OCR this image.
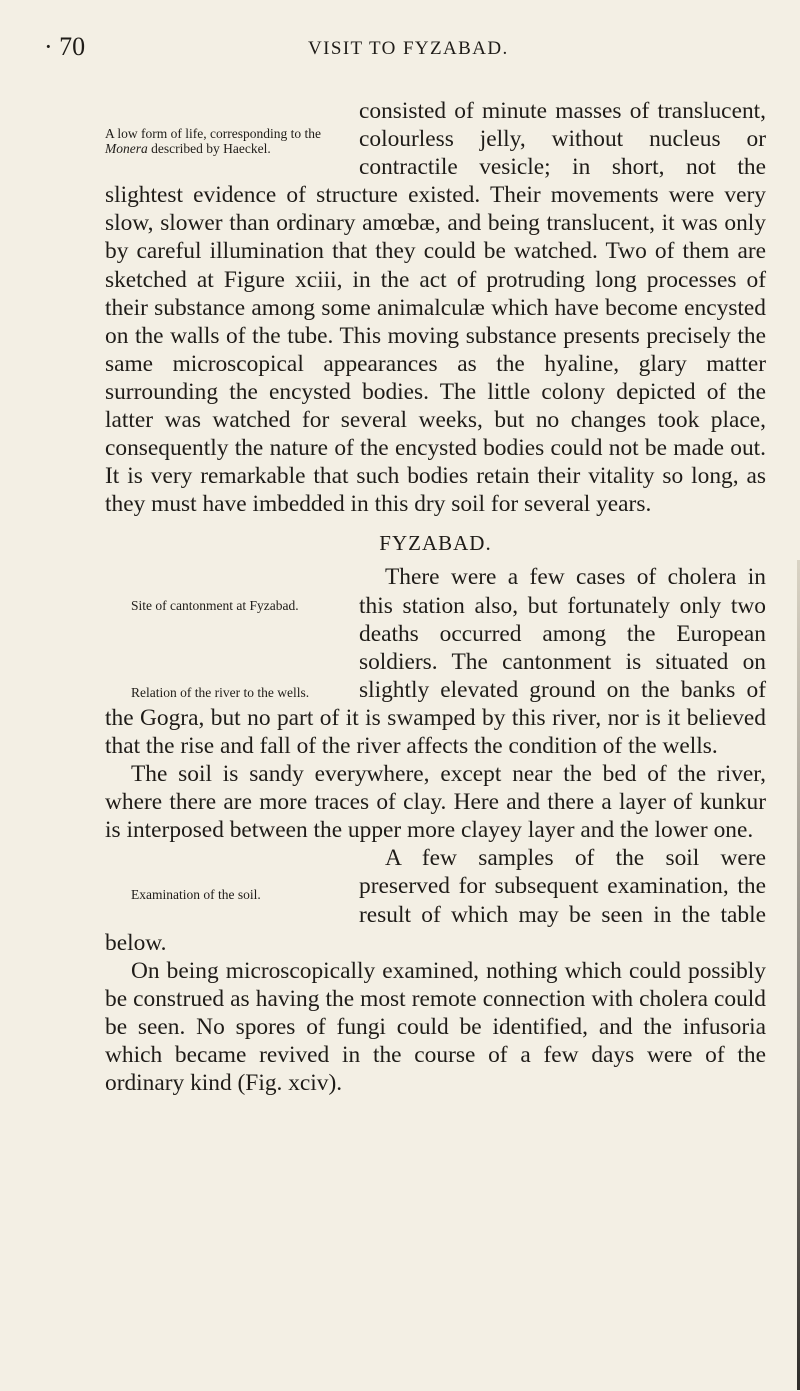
· 70	VISIT TO FYZABAD.

A low form of life, corresponding to the Monera described by Haeckel.
consisted of minute masses of translucent, colourless jelly, without nucleus or contractile vesicle; in short, not the slightest evidence of structure existed. Their movements were very slow, slower than ordinary amœbæ, and being translucent, it was only by careful illumination that they could be watched. Two of them are sketched at Figure xciii, in the act of protruding long processes of their substance among some animalculæ which have become encysted on the walls of the tube. This moving substance presents precisely the same microscopical appearances as the hyaline, glary matter surrounding the encysted bodies. The little colony depicted of the latter was watched for several weeks, but no changes took place, consequently the nature of the encysted bodies could not be made out. It is very remarkable that such bodies retain their vitality so long, as they must have imbedded in this dry soil for several years.

FYZABAD.

Site of cantonment at Fyzabad.
Relation of the river to the wells.
There were a few cases of cholera in this station also, but fortunately only two deaths occurred among the European soldiers. The cantonment is situated on slightly elevated ground on the banks of the Gogra, but no part of it is swamped by this river, nor is it believed that the rise and fall of the river affects the condition of the wells.

The soil is sandy everywhere, except near the bed of the river, where there are more traces of clay. Here and there a layer of kunkur is interposed between the upper more clayey layer and the lower one.

Examination of the soil.
A few samples of the soil were preserved for subsequent examination, the result of which may be seen in the table below.

On being microscopically examined, nothing which could possibly be construed as having the most remote connection with cholera could be seen. No spores of fungi could be identified, and the infusoria which became revived in the course of a few days were of the ordinary kind (Fig. xciv).
